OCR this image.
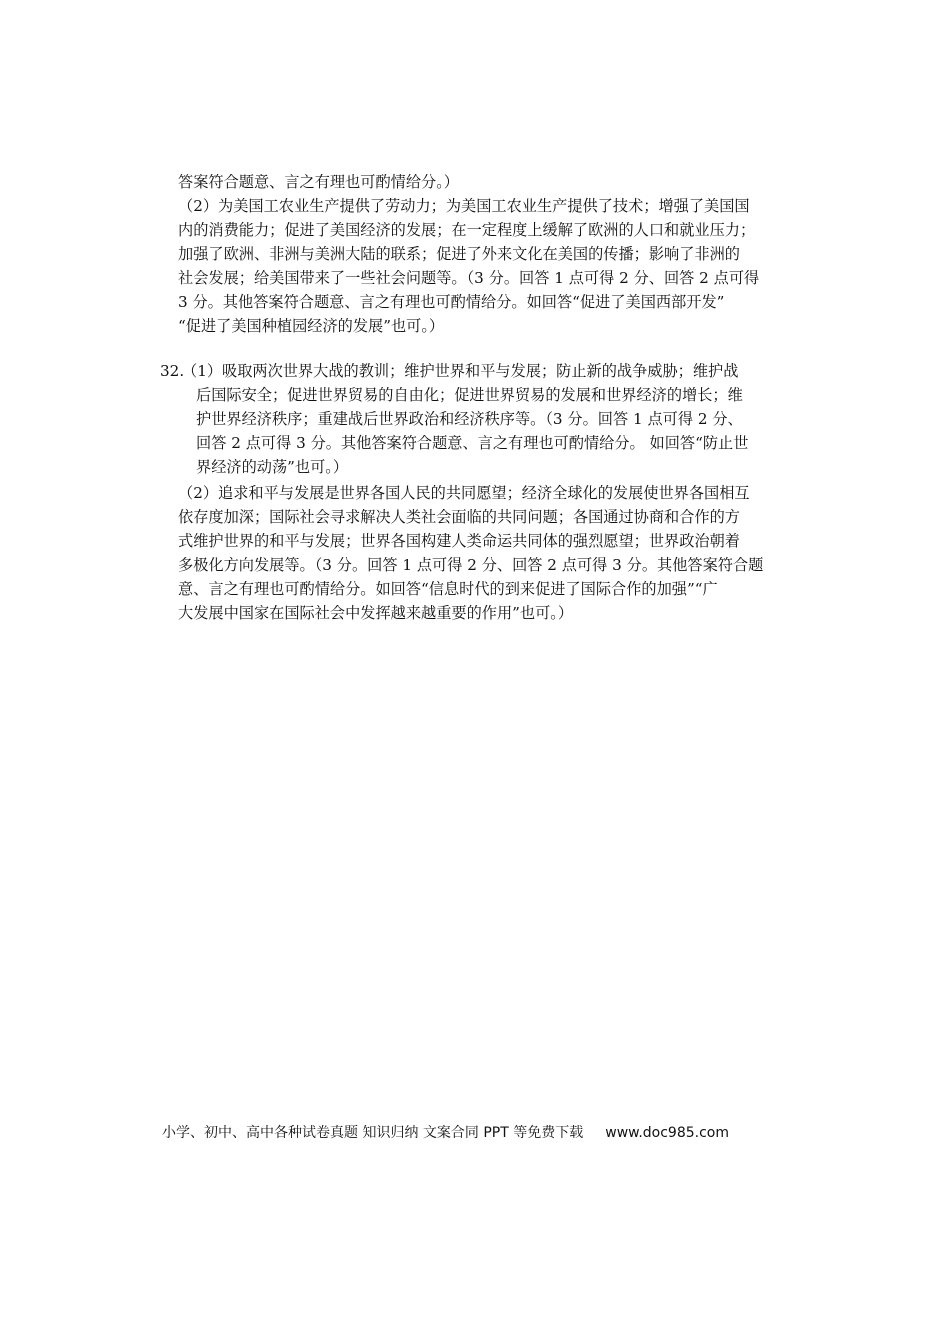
答案符合题意、言之有理也可酌情给分。）
（2）为美国工农业生产提供了劳动力；为美国工农业生产提供了技术；增强了美国国
内的消费能力；促进了美国经济的发展；在一定程度上缓解了欧洲的人口和就业压力；
加强了欧洲、非洲与美洲大陆的联系；促进了外来文化在美国的传播；影响了非洲的
社会发展；给美国带来了一些社会问题等。（3 分。回答 1 点可得 2 分、回答 2 点可得
3 分。其他答案符合题意、言之有理也可酌情给分。如回答“促进了美国西部开发”
“促进了美国种植园经济的发展”也可。）
32.
（1）吸取两次世界大战的教训；维护世界和平与发展；防止新的战争威胁；维护战
后国际安全；促进世界贸易的自由化；促进世界贸易的发展和世界经济的增长；维
护世界经济秩序；重建战后世界政治和经济秩序等。（3 分。回答 1 点可得 2 分、
回答 2 点可得 3 分。其他答案符合题意、言之有理也可酌情给分。 如回答“防止世
界经济的动荡”也可。）
（2）追求和平与发展是世界各国人民的共同愿望；经济全球化的发展使世界各国相互
依存度加深；国际社会寻求解决人类社会面临的共同问题；各国通过协商和合作的方
式维护世界的和平与发展；世界各国构建人类命运共同体的强烈愿望；世界政治朝着
多极化方向发展等。（3 分。回答 1 点可得 2 分、回答 2 点可得 3 分。其他答案符合题
意、言之有理也可酌情给分。如回答“信息时代的到来促进了国际合作的加强”“广
大发展中国家在国际社会中发挥越来越重要的作用”也可。）
小学、初中、高中各种试卷真题 知识归纳 文案合同 PPT 等免费下载 www.doc985.com
